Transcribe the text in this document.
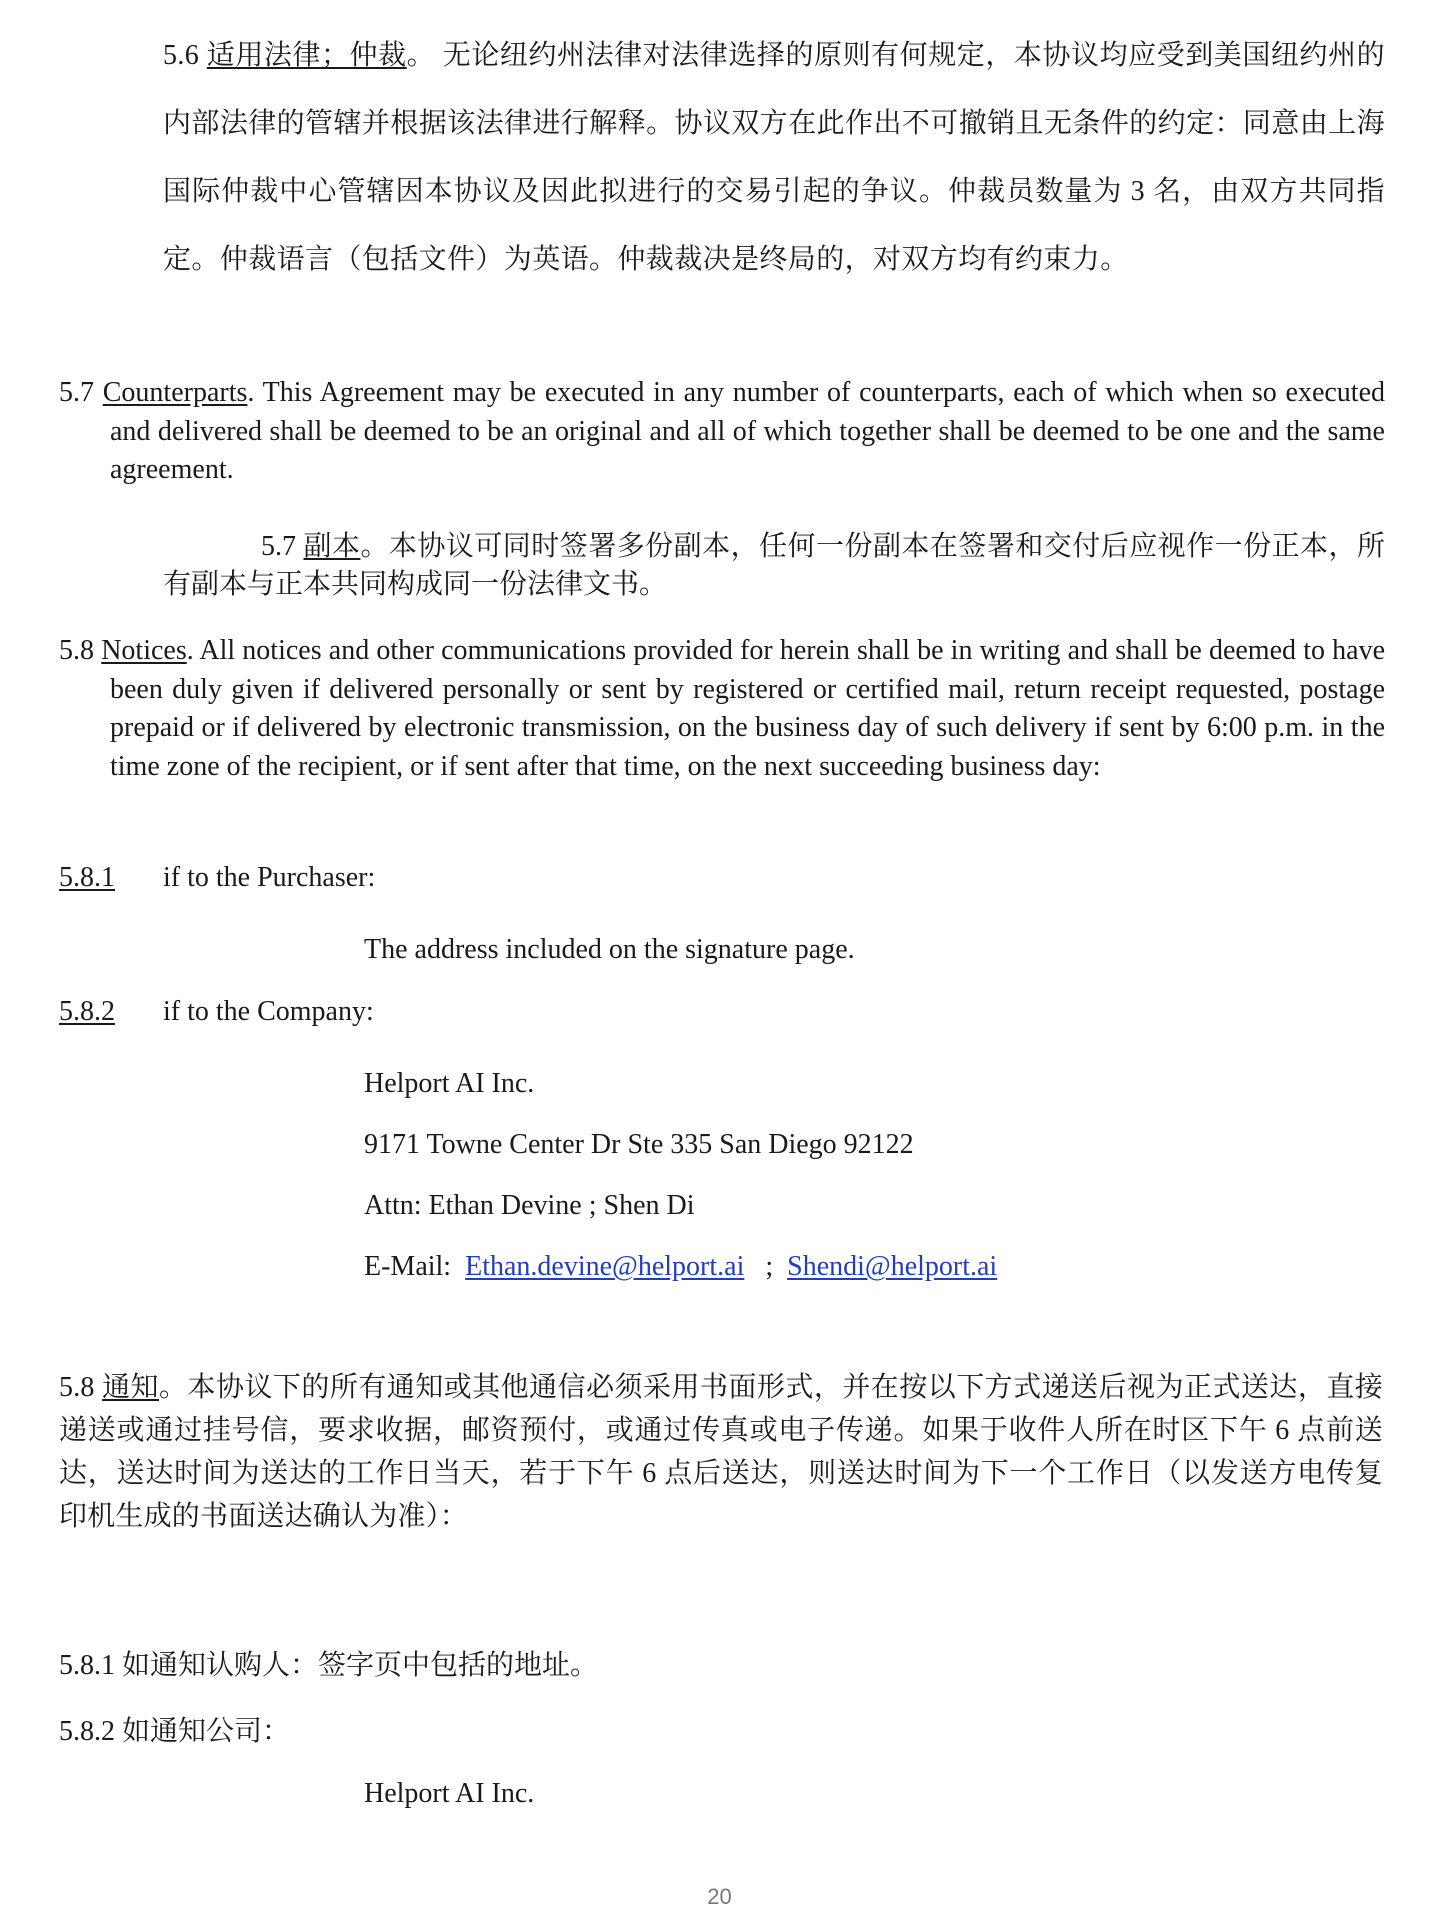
5.6 适用法律；仲裁。 无论纽约州法律对法律选择的原则有何规定，本协议均应受到美国纽约州的内部法律的管辖并根据该法律进行解释。协议双方在此作出不可撤销且无条件的约定：同意由上海国际仲裁中心管辖因本协议及因此拟进行的交易引起的争议。仲裁员数量为 3 名，由双方共同指定。仲裁语言（包括文件）为英语。仲裁裁决是终局的，对双方均有约束力。
5.7 Counterparts. This Agreement may be executed in any number of counterparts, each of which when so executed and delivered shall be deemed to be an original and all of which together shall be deemed to be one and the same agreement.
5.7 副本。本协议可同时签署多份副本，任何一份副本在签署和交付后应视作一份正本，所有副本与正本共同构成同一份法律文书。
5.8 Notices. All notices and other communications provided for herein shall be in writing and shall be deemed to have been duly given if delivered personally or sent by registered or certified mail, return receipt requested, postage prepaid or if delivered by electronic transmission, on the business day of such delivery if sent by 6:00 p.m. in the time zone of the recipient, or if sent after that time, on the next succeeding business day:
5.8.1 if to the Purchaser:
The address included on the signature page.
5.8.2 if to the Company:
Helport AI Inc.
9171 Towne Center Dr Ste 335 San Diego 92122
Attn: Ethan Devine ; Shen Di
E-Mail:  Ethan.devine@helport.ai   ;  Shendi@helport.ai
5.8 通知。本协议下的所有通知或其他通信必须采用书面形式，并在按以下方式递送后视为正式送达，直接递送或通过挂号信，要求收据，邮资预付，或通过传真或电子传递。如果于收件人所在时区下午 6 点前送达，送达时间为送达的工作日当天，若于下午 6 点后送达，则送达时间为下一个工作日（以发送方电传复印机生成的书面送达确认为准）：
5.8.1 如通知认购人：签字页中包括的地址。
5.8.2 如通知公司：
Helport AI Inc.
20
